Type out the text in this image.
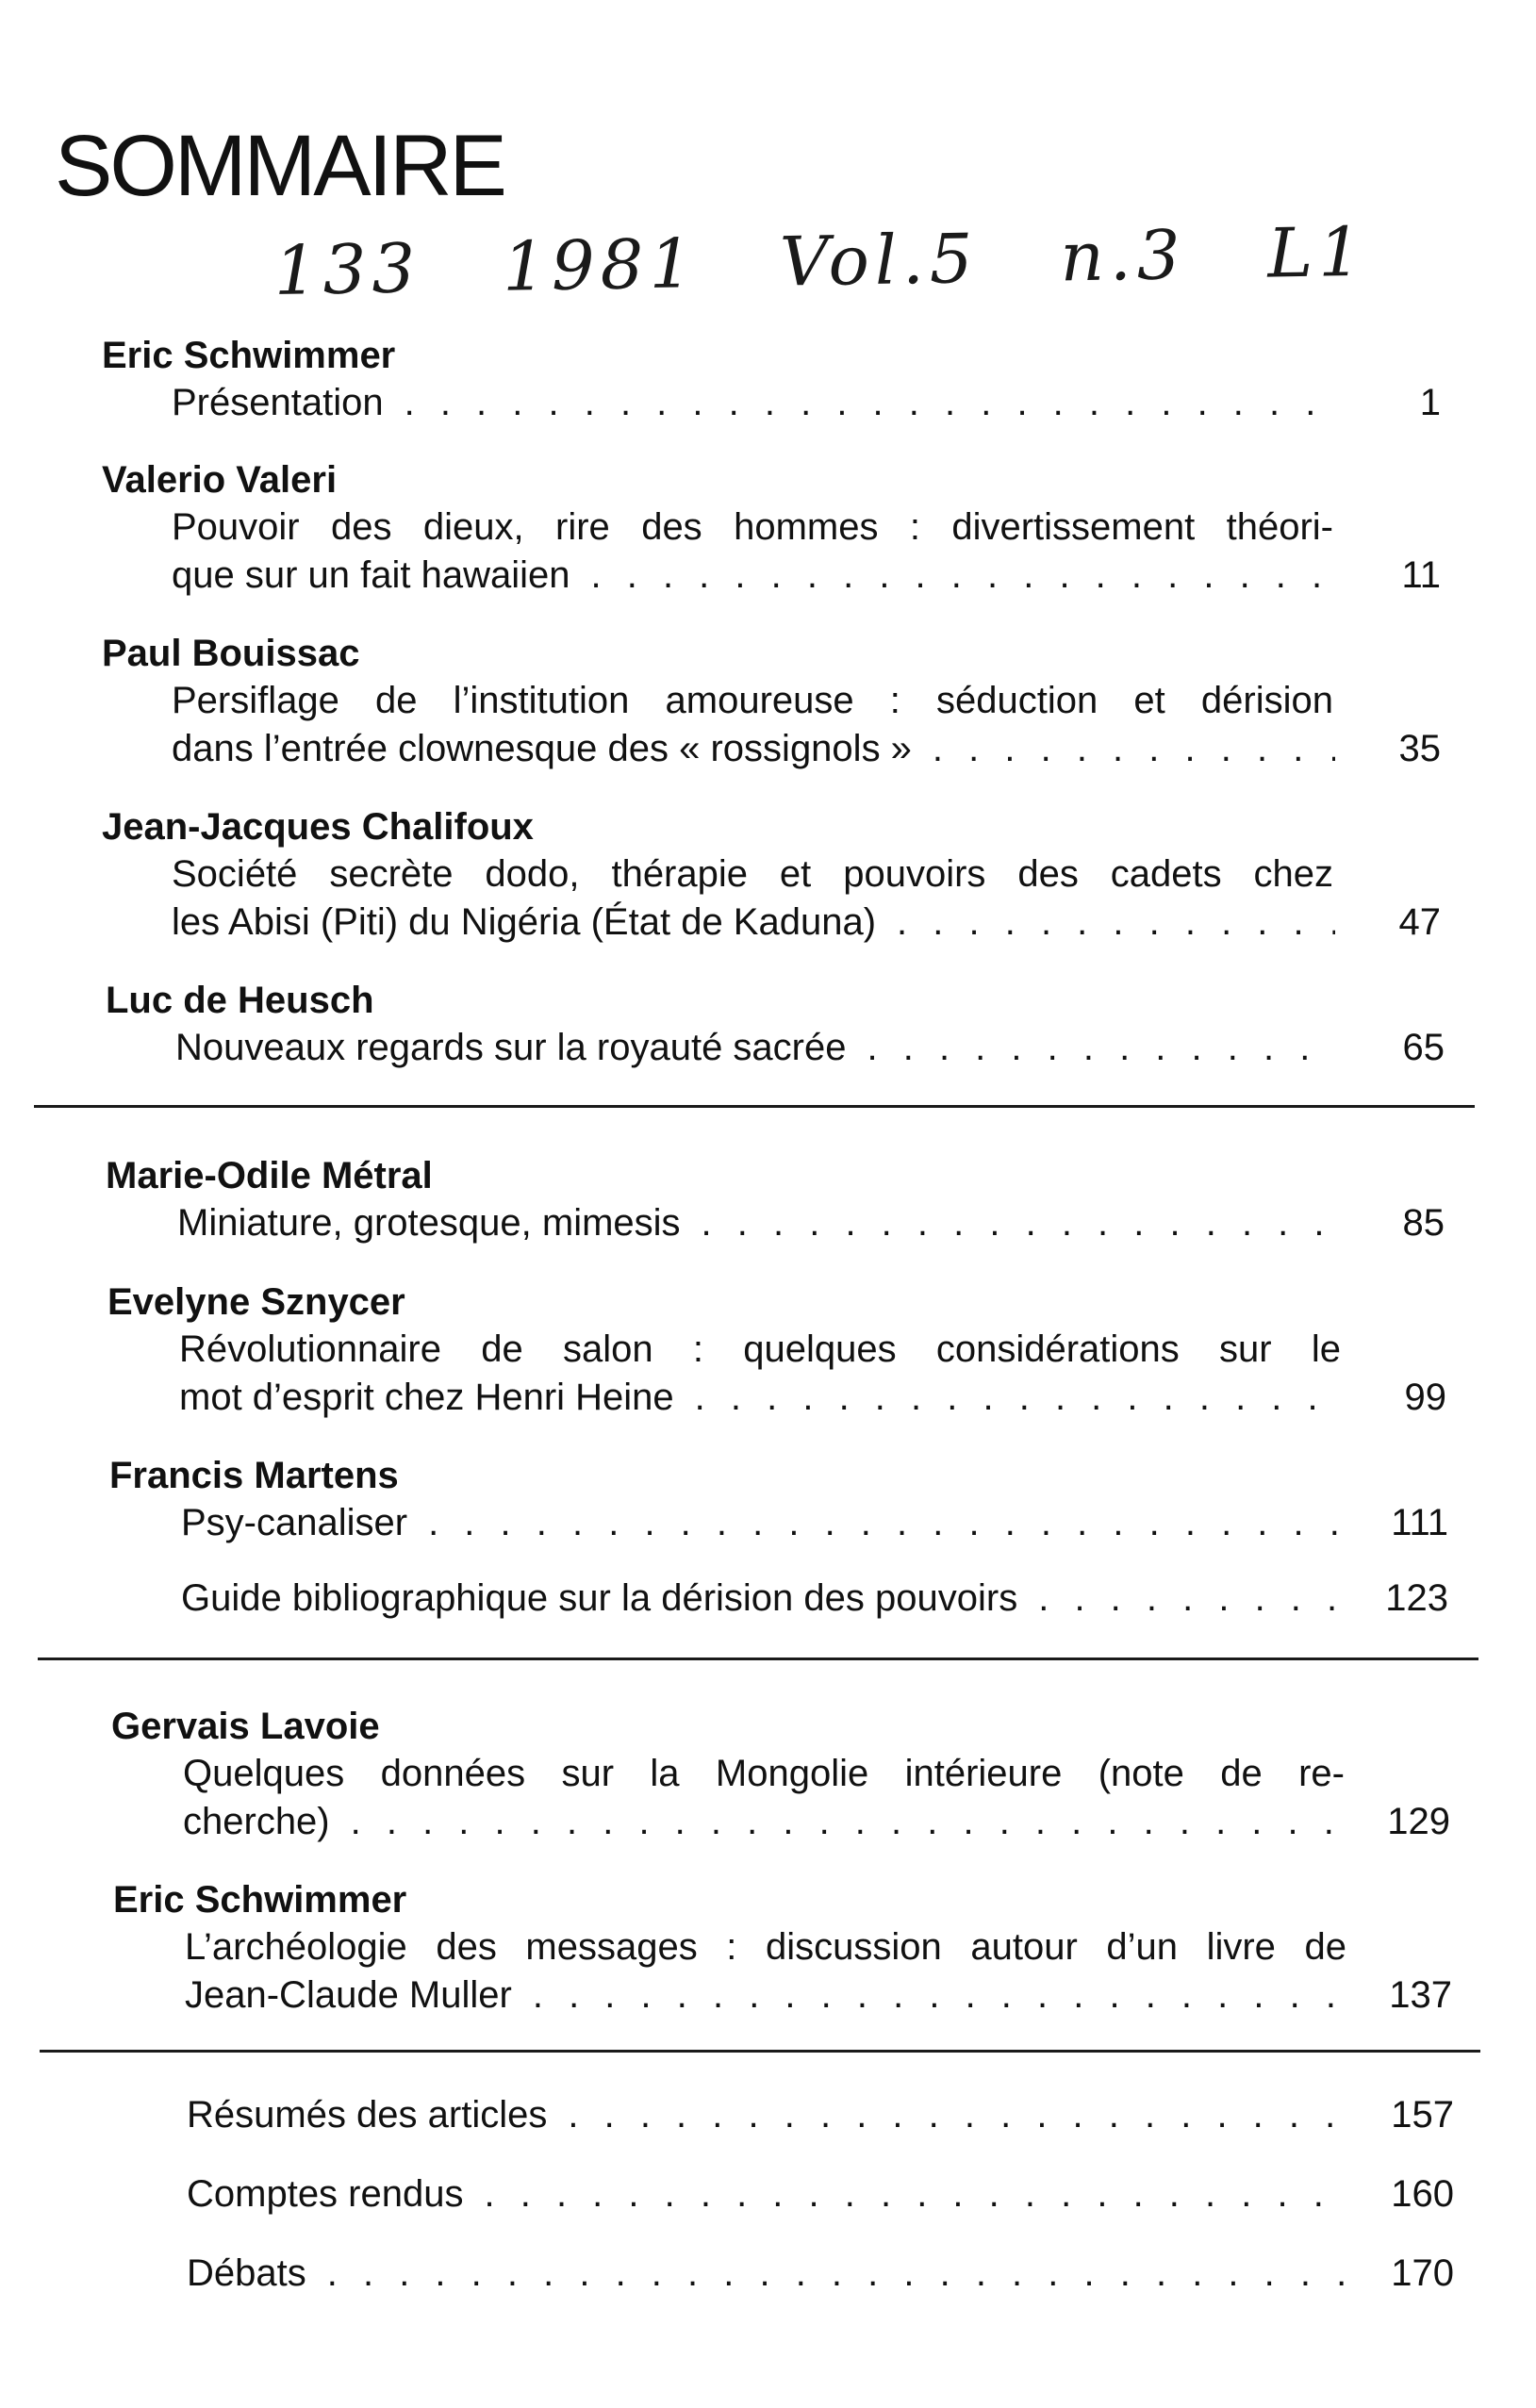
SOMMAIRE
133 1981 Vol.5 n.3 L1
Eric Schwimmer
Présentation . . .	1
Valerio Valeri
Pouvoir des dieux, rire des hommes : divertissement théori-
que sur un fait hawaiien . . .	11
Paul Bouissac
Persiflage de l’institution amoureuse : séduction et dérision
dans l’entrée clownesque des « rossignols » . . .	35
Jean-Jacques Chalifoux
Société secrète dodo, thérapie et pouvoirs des cadets chez
les Abisi (Piti) du Nigéria (État de Kaduna) . . .	47
Luc de Heusch
Nouveaux regards sur la royauté sacrée . . .	65
Marie-Odile Métral
Miniature, grotesque, mimesis . . .	85
Evelyne Sznycer
Révolutionnaire de salon : quelques considérations sur le
mot d’esprit chez Henri Heine . . .	99
Francis Martens
Psy-canaliser . . .	111
Guide bibliographique sur la dérision des pouvoirs . . .	123
Gervais Lavoie
Quelques données sur la Mongolie intérieure (note de re-
cherche) . . .	129
Eric Schwimmer
L’archéologie des messages : discussion autour d’un livre de
Jean-Claude Muller . . .	137
Résumés des articles . . .	157
Comptes rendus . . .	160
Débats . . .	170
